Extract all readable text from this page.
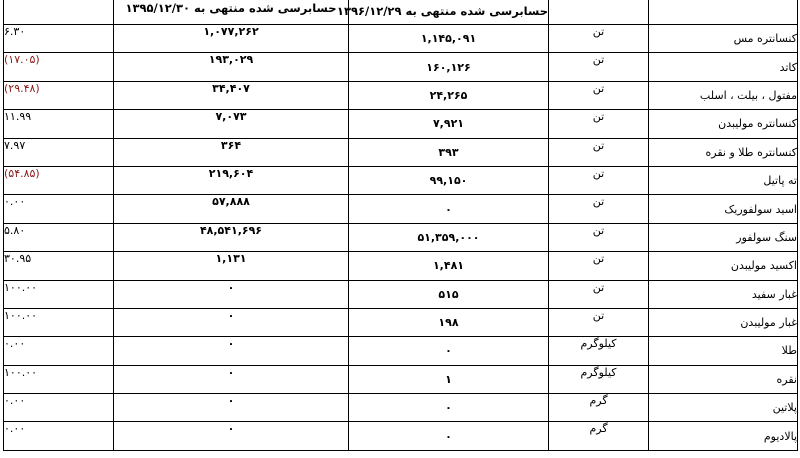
	حسابرسی شده منتهی به ۱۳۹۵/۱۲/۳۰	حسابرسی شده منتهی به ۱۳۹۶/۱۲/۲۹		

۶.۳۰	۱,۰۷۷,۲۶۲	۱,۱۴۵,۰۹۱	تن	کنسانتره مس
(۱۷.۰۵)	۱۹۳,۰۲۹	۱۶۰,۱۲۶	تن	کاتد
(۲۹.۴۸)	۳۴,۴۰۷	۲۴,۲۶۵	تن	مفتول ، بیلت ، اسلب
۱۱.۹۹	۷,۰۷۳	۷,۹۲۱	تن	کنسانتره مولیبدن
۷.۹۷	۳۶۴	۳۹۳	تن	کنسانتره طلا و نقره
(۵۴.۸۵)	۲۱۹,۶۰۴	۹۹,۱۵۰	تن	ته پاتیل
۰.۰۰	۵۷,۸۸۸	۰	تن	اسید سولفوریک
۵.۸۰	۴۸,۵۴۱,۶۹۶	۵۱,۳۵۹,۰۰۰	تن	سنگ سولفور
۳۰.۹۵	۱,۱۳۱	۱,۴۸۱	تن	اکسید مولیبدن
۱۰۰.۰۰	۰	۵۱۵	تن	غبار سفید
۱۰۰.۰۰	۰	۱۹۸	تن	غبار مولیبدن
۰.۰۰	۰	۰	کیلوگرم	طلا
۱۰۰.۰۰	۰	۱	کیلوگرم	نقره
۰.۰۰	۰	۰	گرم	پلاتین
۰.۰۰	۰	۰	گرم	پالادیوم
